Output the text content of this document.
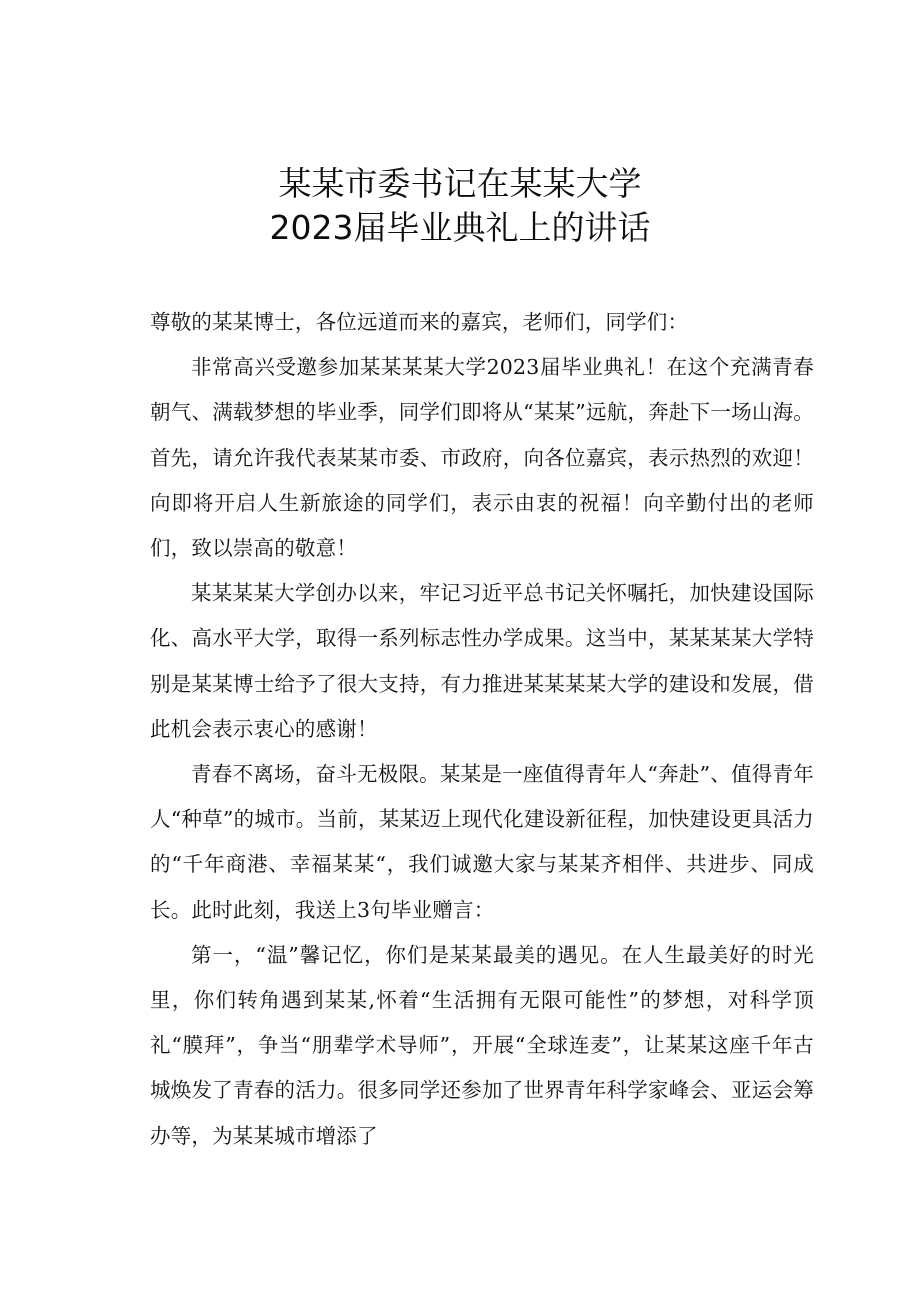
某某市委书记在某某大学
2023届毕业典礼上的讲话

尊敬的某某博士，各位远道而来的嘉宾，老师们，同学们：

非常高兴受邀参加某某某某大学2023届毕业典礼！在这个充满青春朝气、满载梦想的毕业季，同学们即将从“某某”远航，奔赴下一场山海。首先，请允许我代表某某市委、市政府，向各位嘉宾，表示热烈的欢迎！向即将开启人生新旅途的同学们，表示由衷的祝福！向辛勤付出的老师们，致以崇高的敬意！

某某某某大学创办以来，牢记习近平总书记关怀嘱托，加快建设国际化、高水平大学，取得一系列标志性办学成果。这当中，某某某某大学特别是某某博士给予了很大支持，有力推进某某某某大学的建设和发展，借此机会表示衷心的感谢！

青春不离场，奋斗无极限。某某是一座值得青年人“奔赴”、值得青年人“种草”的城市。当前，某某迈上现代化建设新征程，加快建设更具活力的“千年商港、幸福某某“，我们诚邀大家与某某齐相伴、共进步、同成长。此时此刻，我送上3句毕业赠言：

第一，“温”馨记忆，你们是某某最美的遇见。在人生最美好的时光里，你们转角遇到某某,怀着“生活拥有无限可能性”的梦想，对科学顶礼“膜拜”，争当“朋辈学术导师”，开展“全球连麦”，让某某这座千年古城焕发了青春的活力。很多同学还参加了世界青年科学家峰会、亚运会筹办等，为某某城市增添了
